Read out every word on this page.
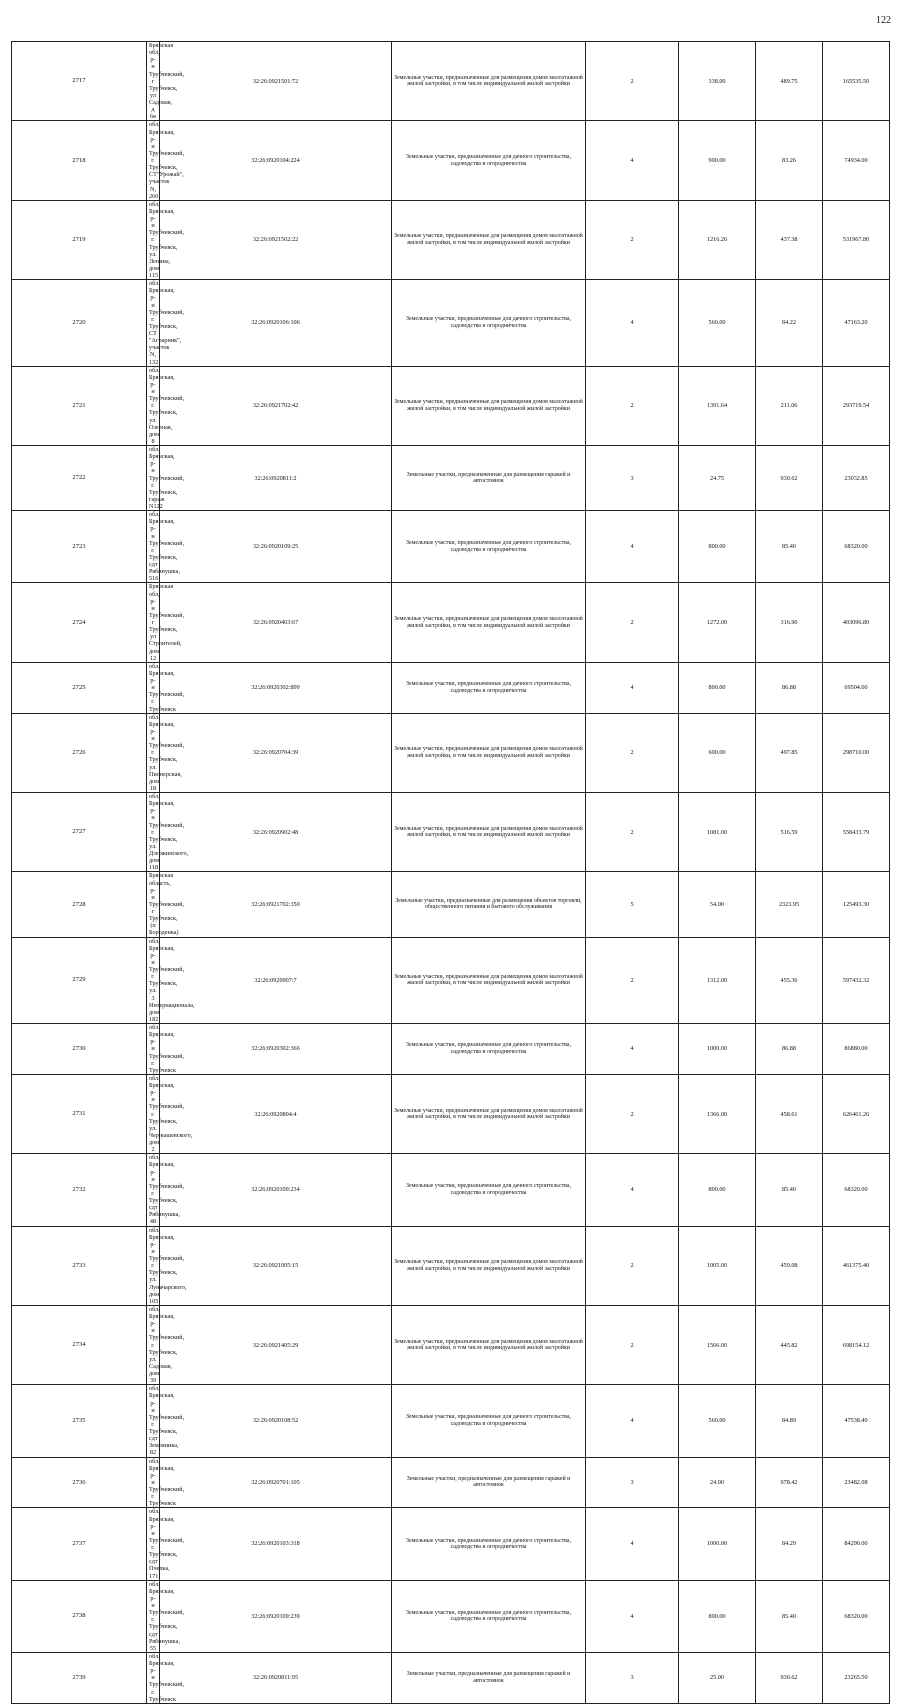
122
2717	Брянская обл, р-н Трубчевский, г Трубчевск, ул Садовая, д 6в	32:26:0921501:72	Земельные участки, предназначенные для размещения домов малоэтажной жилой застройки, в том числе индивидуальной жилой застройки	2	338.00	489.75	165535.50
2718	обл. Брянская, р-н Трубчевский, г. Трубчевск, СТ"Урожай", участок N, 260	32:26:0920104:224	Земельные участки, предназначенные для дачного строительства, садоводства и огородничества	4	900.00	83.26	74934.00
2719	обл. Брянская, р-н Трубчевский, г. Трубчевск, ул. Ленина, дом 115	32:26:0921502:22	Земельные участки, предназначенные для размещения домов малоэтажной жилой застройки, в том числе индивидуальной жилой застройки	2	1216.26	437.38	531967.80
2720	обл. Брянская, р-н Трубчевский, г. Трубчевск, СТ "Аграрник", участок N, 132	32:26:0920106:106	Земельные участки, предназначенные для дачного строительства, садоводства и огородничества	4	560.00	84.22	47163.20
2721	обл. Брянская, р-н Трубчевский, г. Трубчевск, ул. Озерная, дом 8	32:26:0921702:42	Земельные участки, предназначенные для размещения домов малоэтажной жилой застройки, в том числе индивидуальной жилой застройки	2	1391.64	211.06	293719.54
2722	обл. Брянская, р-н Трубчевский, г. Трубчевск, гараж N122	32:26:0920811:2	Земельные участки, предназначенные для размещения гаражей и автостоянок	3	24.75	930.62	23032.85
2723	обл. Брянская, р-н Трубчевский, г. Трубчевск, сдт Рябинушка, 516	32:26:0920109:25	Земельные участки, предназначенные для дачного строительства, садоводства и огородничества	4	800.00	85.40	68320.00
2724	Брянская обл, р-н Трубчевский, г Трубчевск, ул Строителей, дом 12	32:26:0920403:67	Земельные участки, предназначенные для размещения домов малоэтажной жилой застройки, в том числе индивидуальной жилой застройки	2	1272.00	316.90	403096.80
2725	обл. Брянская, р-н Трубчевский, г. Трубчевск	32:26:0920302:899	Земельные участки, предназначенные для дачного строительства, садоводства и огородничества	4	800.00	86.88	69504.00
2726	обл. Брянская, р-н Трубчевский, г. Трубчевск, ул. Пионерская, дом 18	32:26:0920704:39	Земельные участки, предназначенные для размещения домов малоэтажной жилой застройки, в том числе индивидуальной жилой застройки	2	600.00	497.85	298710.00
2727	обл. Брянская, р-н Трубчевский, г. Трубчевск, ул. Дзержинского, дом 118	32:26:0920902:48	Земельные участки, предназначенные для размещения домов малоэтажной жилой застройки, в том числе индивидуальной жилой застройки	2	1081.00	516.59	558433.79
2728	Брянская область, р-н Трубчевский, г Трубчевск, (п Бороденка)	32:26:0921702:350	Земельные участки, предназначенные для размещения объектов торговли, общественного питания и бытового обслуживания	5	54.00	2323.95	125493.30
2729	обл. Брянская, р-н Трубчевский, г. Трубчевск, ул. 3 Интернационала, дом 182	32:26:0920907:7	Земельные участки, предназначенные для размещения домов малоэтажной жилой застройки, в том числе индивидуальной жилой застройки	2	1312.00	455.36	597432.32
2730	обл. Брянская, р-н Трубчевский, г. Трубчевск	32:26:0920302:366	Земельные участки, предназначенные для дачного строительства, садоводства и огородничества	4	1000.00	86.88	86880.00
2731	обл. Брянская, р-н Трубчевский, г. Трубчевск, ул. Чернышевского, дом 2	32:26:0920804:4	Земельные участки, предназначенные для размещения домов малоэтажной жилой застройки, в том числе индивидуальной жилой застройки	2	1366.00	458.61	626461.26
2732	обл. Брянская, р-н Трубчевский, г. Трубчевск, сдт Рябинушка, 48	32:26:0920109:234	Земельные участки, предназначенные для дачного строительства, садоводства и огородничества	4	800.00	85.40	68320.00
2733	обл. Брянская, р-н Трубчевский, г. Трубчевск, ул. Луначарского, дом 105	32:26:0921005:15	Земельные участки, предназначенные для размещения домов малоэтажной жилой застройки, в том числе индивидуальной жилой застройки	2	1005.00	459.08	461375.40
2734	обл. Брянская, р-н Трубчевский, г. Трубчевск, ул. Садовая, дом 39	32:26:0921405:29	Земельные участки, предназначенные для размещения домов малоэтажной жилой застройки, в том числе индивидуальной жилой застройки	2	1566.00	445.82	698154.12
2735	обл. Брянская, р-н Трубчевский, г. Трубчевск, сдт Земляника, 82	32:26:0920108:52	Земельные участки, предназначенные для дачного строительства, садоводства и огородничества	4	560.00	84.89	47538.40
2736	обл. Брянская, р-н Трубчевский, г. Трубчевск	32:26:0920701:105	Земельные участки, предназначенные для размещения гаражей и автостоянок	3	24.00	978.42	23482.08
2737	обл. Брянская, р-н Трубчевский, г. Трубчевск, сдт Пчелка, 171	32:26:0920103:318	Земельные участки, предназначенные для дачного строительства, садоводства и огородничества	4	1000.00	84.29	84290.00
2738	обл. Брянская, р-н Трубчевский, г. Трубчевск, сдт Рябинушка, 55	32:26:0920109:239	Земельные участки, предназначенные для дачного строительства, садоводства и огородничества	4	800.00	85.40	68320.00
2739	обл. Брянская, р-н Трубчевский, г. Трубчевск	32:26:0920811:95	Земельные участки, предназначенные для размещения гаражей и автостоянок	3	25.00	930.62	23265.50
